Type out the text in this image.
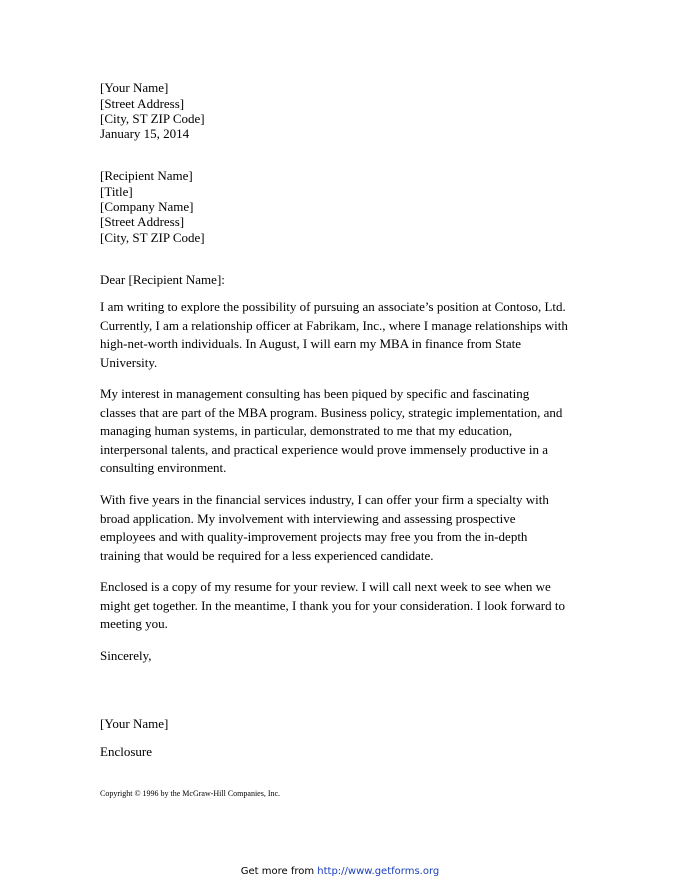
[Your Name]
[Street Address]
[City, ST ZIP Code]
January 15, 2014
[Recipient Name]
[Title]
[Company Name]
[Street Address]
[City, ST ZIP Code]
Dear [Recipient Name]:
I am writing to explore the possibility of pursuing an associate’s position at Contoso, Ltd.
Currently, I am a relationship officer at Fabrikam, Inc., where I manage relationships with
high-net-worth individuals. In August, I will earn my MBA in finance from State
University.
My interest in management consulting has been piqued by specific and fascinating
classes that are part of the MBA program. Business policy, strategic implementation, and
managing human systems, in particular, demonstrated to me that my education,
interpersonal talents, and practical experience would prove immensely productive in a
consulting environment.
With five years in the financial services industry, I can offer your firm a specialty with
broad application. My involvement with interviewing and assessing prospective
employees and with quality-improvement projects may free you from the in-depth
training that would be required for a less experienced candidate.
Enclosed is a copy of my resume for your review. I will call next week to see when we
might get together. In the meantime, I thank you for your consideration. I look forward to
meeting you.
Sincerely,
[Your Name]
Enclosure
Copyright © 1996 by the McGraw-Hill Companies, Inc.
Get more from http://www.getforms.org
